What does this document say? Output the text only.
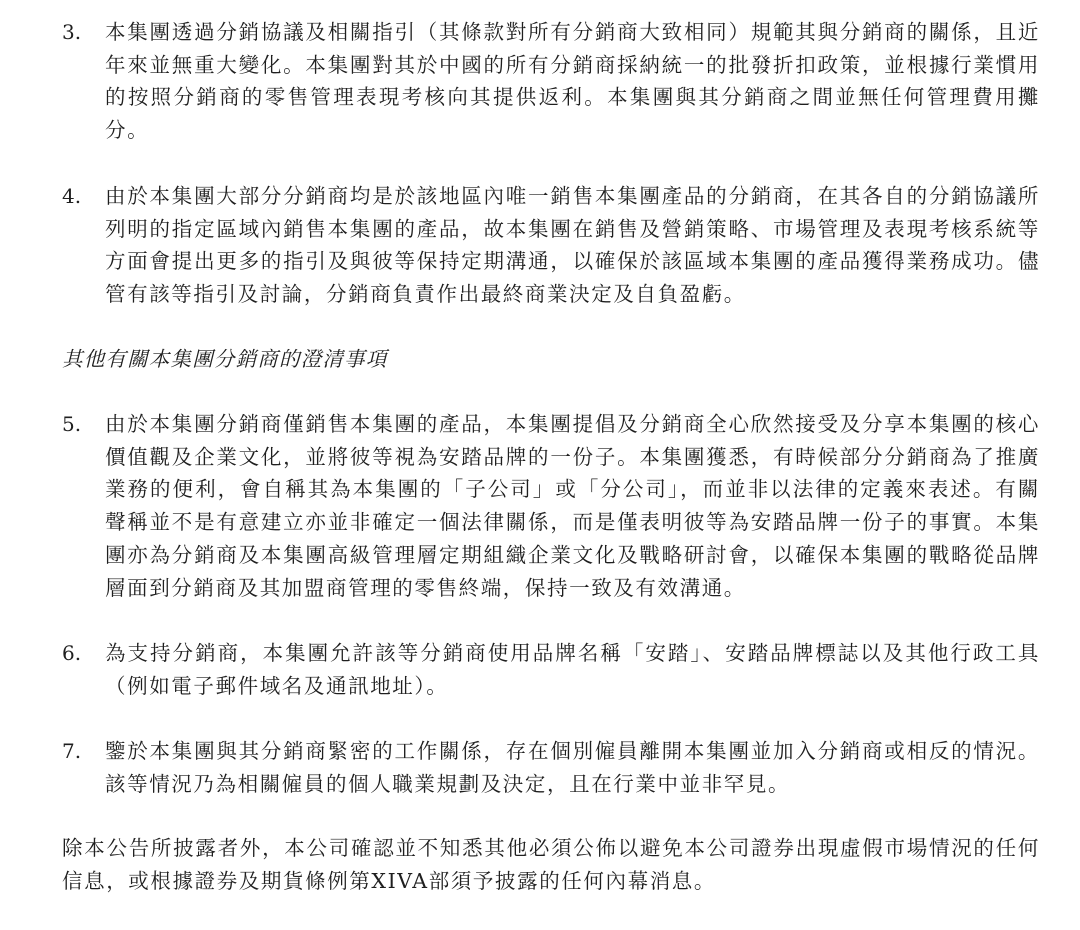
3.	本集團透過分銷協議及相關指引（其條款對所有分銷商大致相同）規範其與分銷商的關係，且近年來並無重大變化。本集團對其於中國的所有分銷商採納統一的批發折扣政策，並根據行業慣用的按照分銷商的零售管理表現考核向其提供返利。本集團與其分銷商之間並無任何管理費用攤分。
4.	由於本集團大部分分銷商均是於該地區內唯一銷售本集團產品的分銷商，在其各自的分銷協議所列明的指定區域內銷售本集團的產品，故本集團在銷售及營銷策略、市場管理及表現考核系統等方面會提出更多的指引及與彼等保持定期溝通，以確保於該區域本集團的產品獲得業務成功。儘管有該等指引及討論，分銷商負責作出最終商業決定及自負盈虧。
其他有關本集團分銷商的澄清事項
5.	由於本集團分銷商僅銷售本集團的產品，本集團提倡及分銷商全心欣然接受及分享本集團的核心價值觀及企業文化，並將彼等視為安踏品牌的一份子。本集團獲悉，有時候部分分銷商為了推廣業務的便利，會自稱其為本集團的「子公司」或「分公司」，而並非以法律的定義來表述。有關聲稱並不是有意建立亦並非確定一個法律關係，而是僅表明彼等為安踏品牌一份子的事實。本集團亦為分銷商及本集團高級管理層定期組織企業文化及戰略研討會，以確保本集團的戰略從品牌層面到分銷商及其加盟商管理的零售終端，保持一致及有效溝通。
6.	為支持分銷商，本集團允許該等分銷商使用品牌名稱「安踏」、安踏品牌標誌以及其他行政工具（例如電子郵件域名及通訊地址）。
7.	鑒於本集團與其分銷商緊密的工作關係，存在個別僱員離開本集團並加入分銷商或相反的情況。該等情況乃為相關僱員的個人職業規劃及決定，且在行業中並非罕見。
除本公告所披露者外，本公司確認並不知悉其他必須公佈以避免本公司證券出現虛假市場情況的任何信息，或根據證券及期貨條例第XIVA部須予披露的任何內幕消息。
